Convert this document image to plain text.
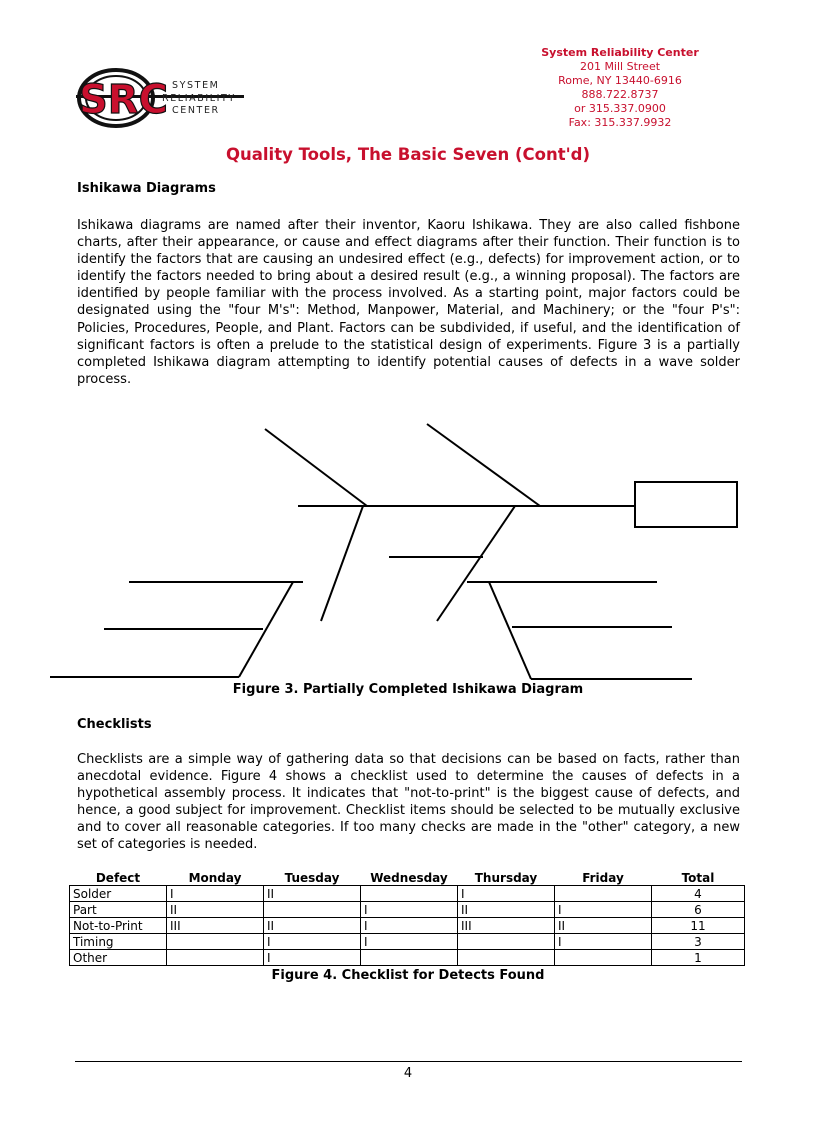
SRC SYSTEM
RELIABILITY
CENTER
System Reliability Center
201 Mill Street
Rome, NY 13440-6916
888.722.8737
or 315.337.0900
Fax: 315.337.9932
Quality Tools, The Basic Seven (Cont'd)
Ishikawa Diagrams
Ishikawa diagrams are named after their inventor, Kaoru Ishikawa. They are also called fishbone charts, after their appearance, or cause and effect diagrams after their function. Their function is to identify the factors that are causing an undesired effect (e.g., defects) for improvement action, or to identify the factors needed to bring about a desired result (e.g., a winning proposal). The factors are identified by people familiar with the process involved. As a starting point, major factors could be designated using the "four M's": Method, Manpower, Material, and Machinery; or the "four P's": Policies, Procedures, People, and Plant. Factors can be subdivided, if useful, and the identification of significant factors is often a prelude to the statistical design of experiments. Figure 3 is a partially completed Ishikawa diagram attempting to identify potential causes of defects in a wave solder process.
Figure 3. Partially Completed Ishikawa Diagram
Checklists
Checklists are a simple way of gathering data so that decisions can be based on facts, rather than anecdotal evidence. Figure 4 shows a checklist used to determine the causes of defects in a hypothetical assembly process. It indicates that "not-to-print" is the biggest cause of defects, and hence, a good subject for improvement. Checklist items should be selected to be mutually exclusive and to cover all reasonable categories. If too many checks are made in the "other" category, a new set of categories is needed.
Defect	Monday	Tuesday	Wednesday	Thursday	Friday	Total
Solder	I	II		I		4
Part	II		I	II	I	6
Not-to-Print	III	II	I	III	II	11
Timing		I	I		I	3
Other		I				1
Figure 4. Checklist for Detects Found
4
